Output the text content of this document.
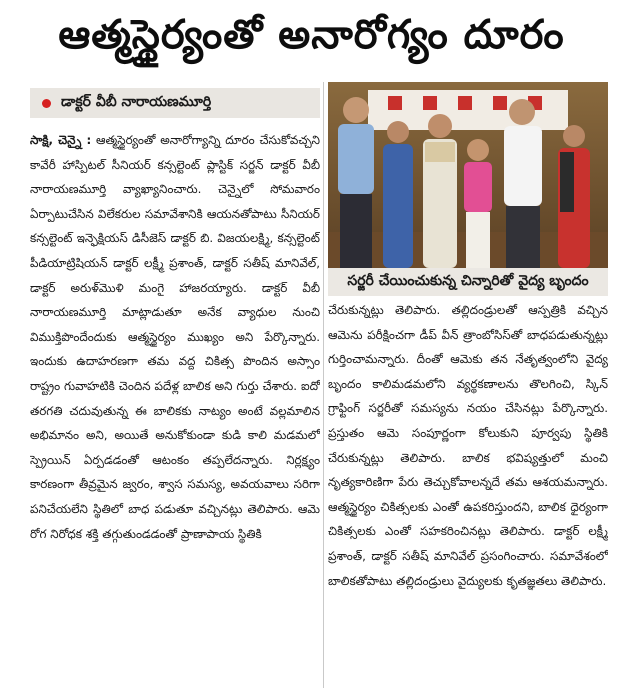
ఆత్మస్థైర్యంతో అనారోగ్యం దూరం
డాక్టర్ వీబీ నారాయణమూర్తి
సాక్షి, చెన్నై : ఆత్మస్థైర్యంతో అనారోగ్యాన్ని దూరం చేసుకోవచ్చని కావేరీ హాస్పిటల్ సీనియర్ కన్సల్టెంట్ ప్లాస్టిక్ సర్జన్ డాక్టర్ వీబీ నారాయణమూర్తి వ్యాఖ్యానించారు. చెన్నైలో సోమవారం ఏర్పాటుచేసిన విలేకరుల సమావేశానికి ఆయనతోపాటు సీనియర్ కన్సల్టెంట్ ఇన్ఫెక్షియస్ డిసీజెస్ డాక్టర్ బి. విజయలక్ష్మి, కన్సల్టెంట్ పీడియాట్రిషియన్ డాక్టర్ లక్ష్మీ ప్రశాంత్, డాక్టర్ సతీష్ మానివేల్, డాక్టర్ అరుళ్‌మొళి మంగై హాజరయ్యారు. డాక్టర్ వీబీ నారాయణమూర్తి మాట్లాడుతూ అనేక వ్యాధుల నుంచి విముక్తిపొందేందుకు ఆత్మస్థైర్యం ముఖ్యం అని పేర్కొన్నారు. ఇందుకు ఉదాహరణగా తమ వద్ద చికిత్స పొందిన అస్సాం రాష్ట్రం గువాహటికి చెందిన పదేళ్ల బాలిక అని గుర్తు చేశారు. ఐదో తరగతి చదువుతున్న ఈ బాలికకు నాట్యం అంటే వల్లమాలిన అభిమానం అని, అయితే అనుకోకుండా కుడి కాలి మడమలో స్ప్రెయిన్ ఏర్పడడంతో ఆటంకం తప్పలేదన్నారు. నిర్లక్ష్యం కారణంగా తీవ్రమైన జ్వరం, శ్వాస సమస్య, అవయవాలు సరిగా పనిచేయలేని స్థితిలో బాధ పడుతూ వచ్చినట్లు తెలిపారు. ఆమె రోగ నిరోధక శక్తి తగ్గుతుండడంతో ప్రాణాపాయ స్థితికి
సర్జరీ చేయించుకున్న చిన్నారితో వైద్య బృందం
చేరుకున్నట్లు తెలిపారు. తల్లిదండ్రులతో ఆస్పత్రికి వచ్చిన ఆమెను పరీక్షించగా డీప్ వీన్ త్రాంబోసిస్‌తో బాధపడుతున్నట్లు గుర్తించామన్నారు. దీంతో ఆమెకు తన నేతృత్వంలోని వైద్య బృందం కాలిమడమలోని వ్యర్థకణాలను తొలగించి, స్కిన్ గ్రాఫ్టింగ్ సర్జరీతో సమస్యను నయం చేసినట్లు పేర్కొన్నారు. ప్రస్తుతం ఆమె సంపూర్ణంగా కోలుకుని పూర్వపు స్థితికి చేరుకున్నట్లు తెలిపారు. బాలిక భవిష్యత్తులో మంచి నృత్యకారిణిగా పేరు తెచ్చుకోవాలన్నదే తమ ఆశయమన్నారు. ఆత్మస్థైర్యం చికిత్సలకు ఎంతో ఉపకరిస్తుందని, బాలిక ధైర్యంగా చికిత్సలకు ఎంతో సహకరించినట్లు తెలిపారు. డాక్టర్ లక్ష్మీ ప్రశాంత్, డాక్టర్ సతీష్ మానివేల్ ప్రసంగించారు. సమావేశంలో బాలికతోపాటు తల్లిదండ్రులు వైద్యులకు కృతజ్ఞతలు తెలిపారు.
